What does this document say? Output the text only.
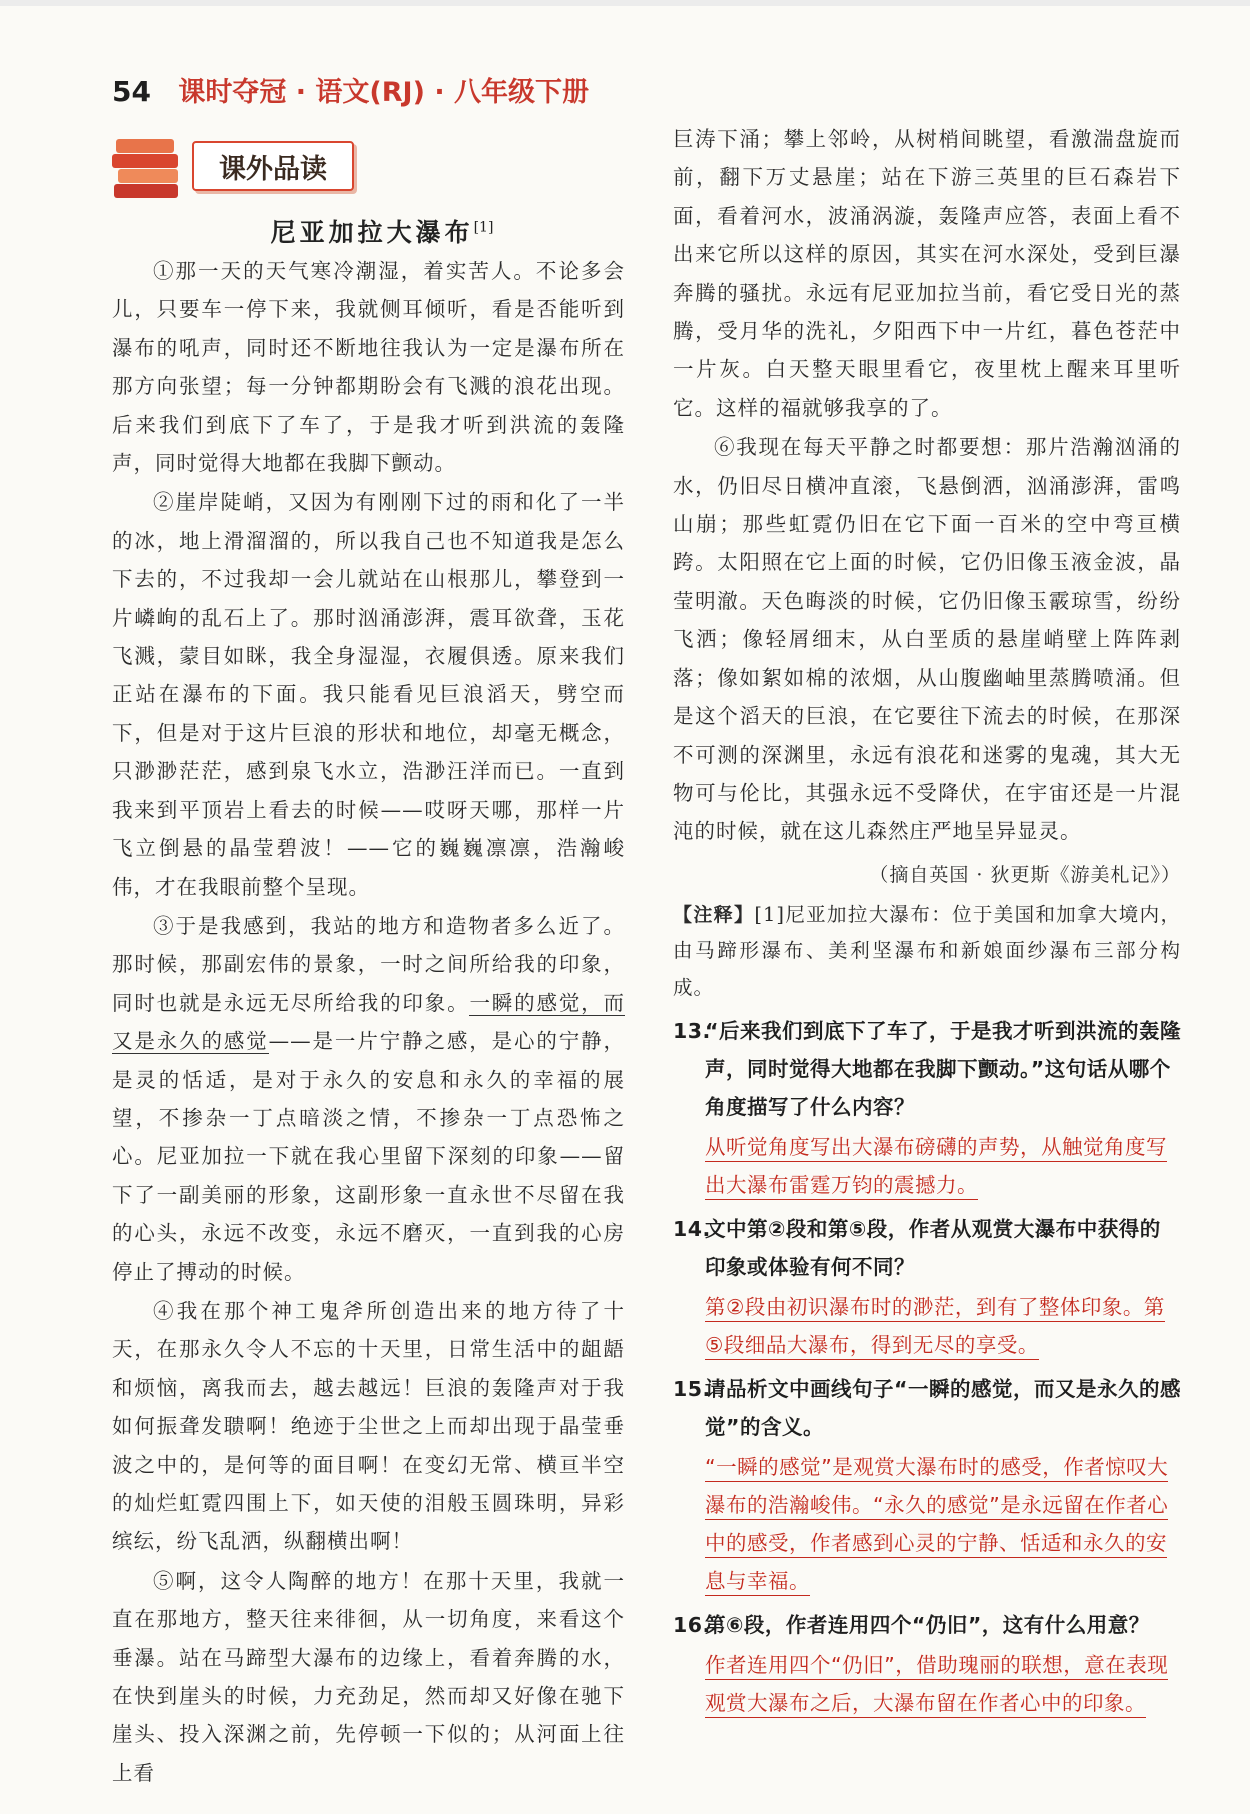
54 课时夺冠 · 语文(RJ) · 八年级下册
课外品读
尼亚加拉大瀑布[1]

①那一天的天气寒冷潮湿，着实苦人。不论多会儿，只要车一停下来，我就侧耳倾听，看是否能听到瀑布的吼声，同时还不断地往我认为一定是瀑布所在那方向张望；每一分钟都期盼会有飞溅的浪花出现。后来我们到底下了车了，于是我才听到洪流的轰隆声，同时觉得大地都在我脚下颤动。

②崖岸陡峭，又因为有刚刚下过的雨和化了一半的冰，地上滑溜溜的，所以我自己也不知道我是怎么下去的，不过我却一会儿就站在山根那儿，攀登到一片嶙峋的乱石上了。那时汹涌澎湃，震耳欲聋，玉花飞溅，蒙目如眯，我全身湿湿，衣履俱透。原来我们正站在瀑布的下面。我只能看见巨浪滔天，劈空而下，但是对于这片巨浪的形状和地位，却毫无概念，只渺渺茫茫，感到泉飞水立，浩渺汪洋而已。一直到我来到平顶岩上看去的时候——哎呀天哪，那样一片飞立倒悬的晶莹碧波！——它的巍巍凛凛，浩瀚峻伟，才在我眼前整个呈现。

③于是我感到，我站的地方和造物者多么近了。那时候，那副宏伟的景象，一时之间所给我的印象，同时也就是永远无尽所给我的印象。一瞬的感觉，而又是永久的感觉——是一片宁静之感，是心的宁静，是灵的恬适，是对于永久的安息和永久的幸福的展望，不掺杂一丁点暗淡之情，不掺杂一丁点恐怖之心。尼亚加拉一下就在我心里留下深刻的印象——留下了一副美丽的形象，这副形象一直永世不尽留在我的心头，永远不改变，永远不磨灭，一直到我的心房停止了搏动的时候。

④我在那个神工鬼斧所创造出来的地方待了十天，在那永久令人不忘的十天里，日常生活中的龃龉和烦恼，离我而去，越去越远！巨浪的轰隆声对于我如何振聋发聩啊！绝迹于尘世之上而却出现于晶莹垂波之中的，是何等的面目啊！在变幻无常、横亘半空的灿烂虹霓四围上下，如天使的泪般玉圆珠明，异彩缤纭，纷飞乱洒，纵翻横出啊！

⑤啊，这令人陶醉的地方！在那十天里，我就一直在那地方，整天往来徘徊，从一切角度，来看这个垂瀑。站在马蹄型大瀑布的边缘上，看着奔腾的水，在快到崖头的时候，力充劲足，然而却又好像在驰下崖头、投入深渊之前，先停顿一下似的；从河面上往上看

巨涛下涌；攀上邻岭，从树梢间眺望，看激湍盘旋而前，翻下万丈悬崖；站在下游三英里的巨石森岩下面，看着河水，波涌涡漩，轰隆声应答，表面上看不出来它所以这样的原因，其实在河水深处，受到巨瀑奔腾的骚扰。永远有尼亚加拉当前，看它受日光的蒸腾，受月华的洗礼，夕阳西下中一片红，暮色苍茫中一片灰。白天整天眼里看它，夜里枕上醒来耳里听它。这样的福就够我享的了。

⑥我现在每天平静之时都要想：那片浩瀚汹涌的水，仍旧尽日横冲直滚，飞悬倒洒，汹涌澎湃，雷鸣山崩；那些虹霓仍旧在它下面一百米的空中弯亘横跨。太阳照在它上面的时候，它仍旧像玉液金波，晶莹明澈。天色晦淡的时候，它仍旧像玉霰琼雪，纷纷飞洒；像轻屑细末，从白垩质的悬崖峭壁上阵阵剥落；像如絮如棉的浓烟，从山腹幽岫里蒸腾喷涌。但是这个滔天的巨浪，在它要往下流去的时候，在那深不可测的深渊里，永远有浪花和迷雾的鬼魂，其大无物可与伦比，其强永远不受降伏，在宇宙还是一片混沌的时候，就在这儿森然庄严地呈异显灵。

（摘自英国 · 狄更斯《游美札记》）
【注释】[1]尼亚加拉大瀑布：位于美国和加拿大境内，由马蹄形瀑布、美利坚瀑布和新娘面纱瀑布三部分构成。
13.“后来我们到底下了车了，于是我才听到洪流的轰隆声，同时觉得大地都在我脚下颤动。”这句话从哪个角度描写了什么内容？
从听觉角度写出大瀑布磅礴的声势，从触觉角度写出大瀑布雷霆万钧的震撼力。
14.文中第②段和第⑤段，作者从观赏大瀑布中获得的印象或体验有何不同？
第②段由初识瀑布时的渺茫，到有了整体印象。第⑤段细品大瀑布，得到无尽的享受。
15.请品析文中画线句子“一瞬的感觉，而又是永久的感觉”的含义。
“一瞬的感觉”是观赏大瀑布时的感受，作者惊叹大瀑布的浩瀚峻伟。“永久的感觉”是永远留在作者心中的感受，作者感到心灵的宁静、恬适和永久的安息与幸福。
16.第⑥段，作者连用四个“仍旧”，这有什么用意？
作者连用四个“仍旧”，借助瑰丽的联想，意在表现观赏大瀑布之后，大瀑布留在作者心中的印象。
